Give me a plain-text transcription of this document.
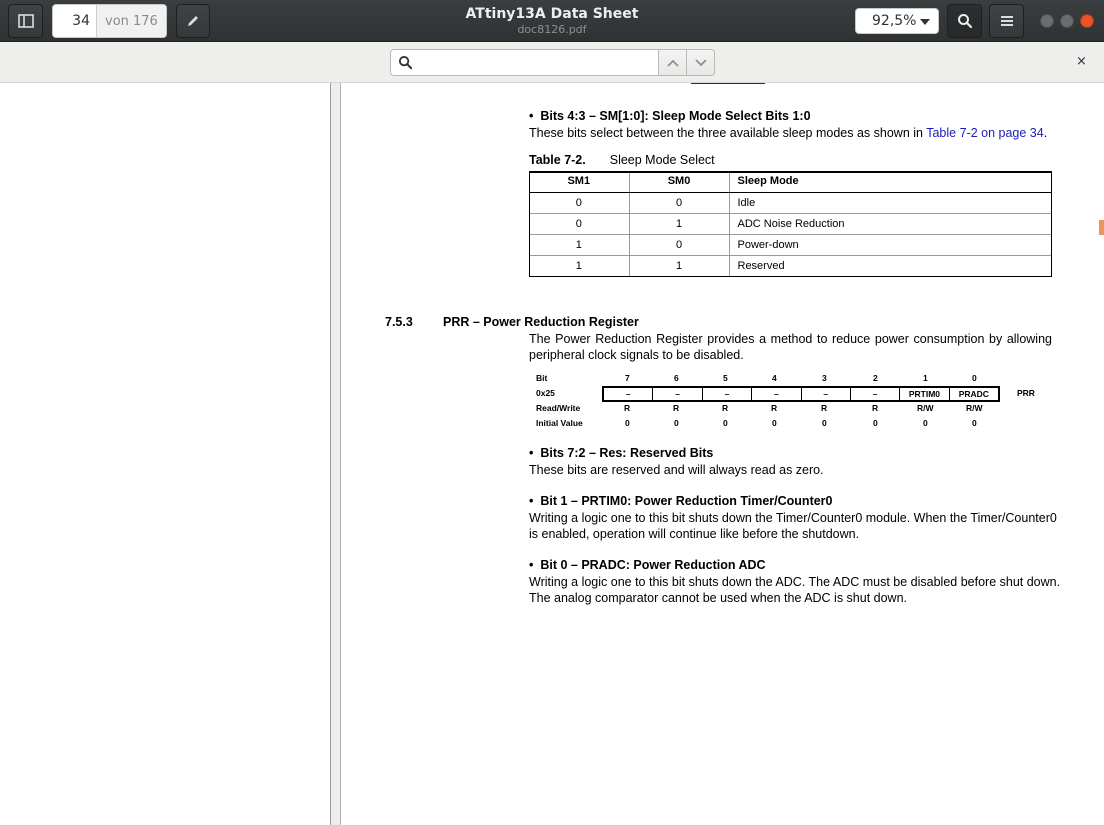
34	von 176	ATtiny13A Data Sheet
doc8126.pdf
92,5%
×
•  Bits 4:3 – SM[1:0]: Sleep Mode Select Bits 1:0
These bits select between the three available sleep modes as shown in Table 7-2 on page 34.
Table 7-2. Sleep Mode Select
SM1	SM0	Sleep Mode
0	0	Idle
0	1	ADC Noise Reduction
1	0	Power-down
1	1	Reserved
7.5.3 PRR – Power Reduction Register
The Power Reduction Register provides a method to reduce power consumption by allowing
peripheral clock signals to be disabled.
Bit	7	6	5	4	3	2	1	0
0x25	–	–	–	–	–	–	PRTIM0	PRADC	PRR
Read/Write	R	R	R	R	R	R	R/W	R/W
Initial Value	0	0	0	0	0	0	0	0
•  Bits 7:2 – Res: Reserved Bits
These bits are reserved and will always read as zero.
•  Bit 1 – PRTIM0: Power Reduction Timer/Counter0
Writing a logic one to this bit shuts down the Timer/Counter0 module. When the Timer/Counter0
is enabled, operation will continue like before the shutdown.
•  Bit 0 – PRADC: Power Reduction ADC
Writing a logic one to this bit shuts down the ADC. The ADC must be disabled before shut down.
The analog comparator cannot be used when the ADC is shut down.
